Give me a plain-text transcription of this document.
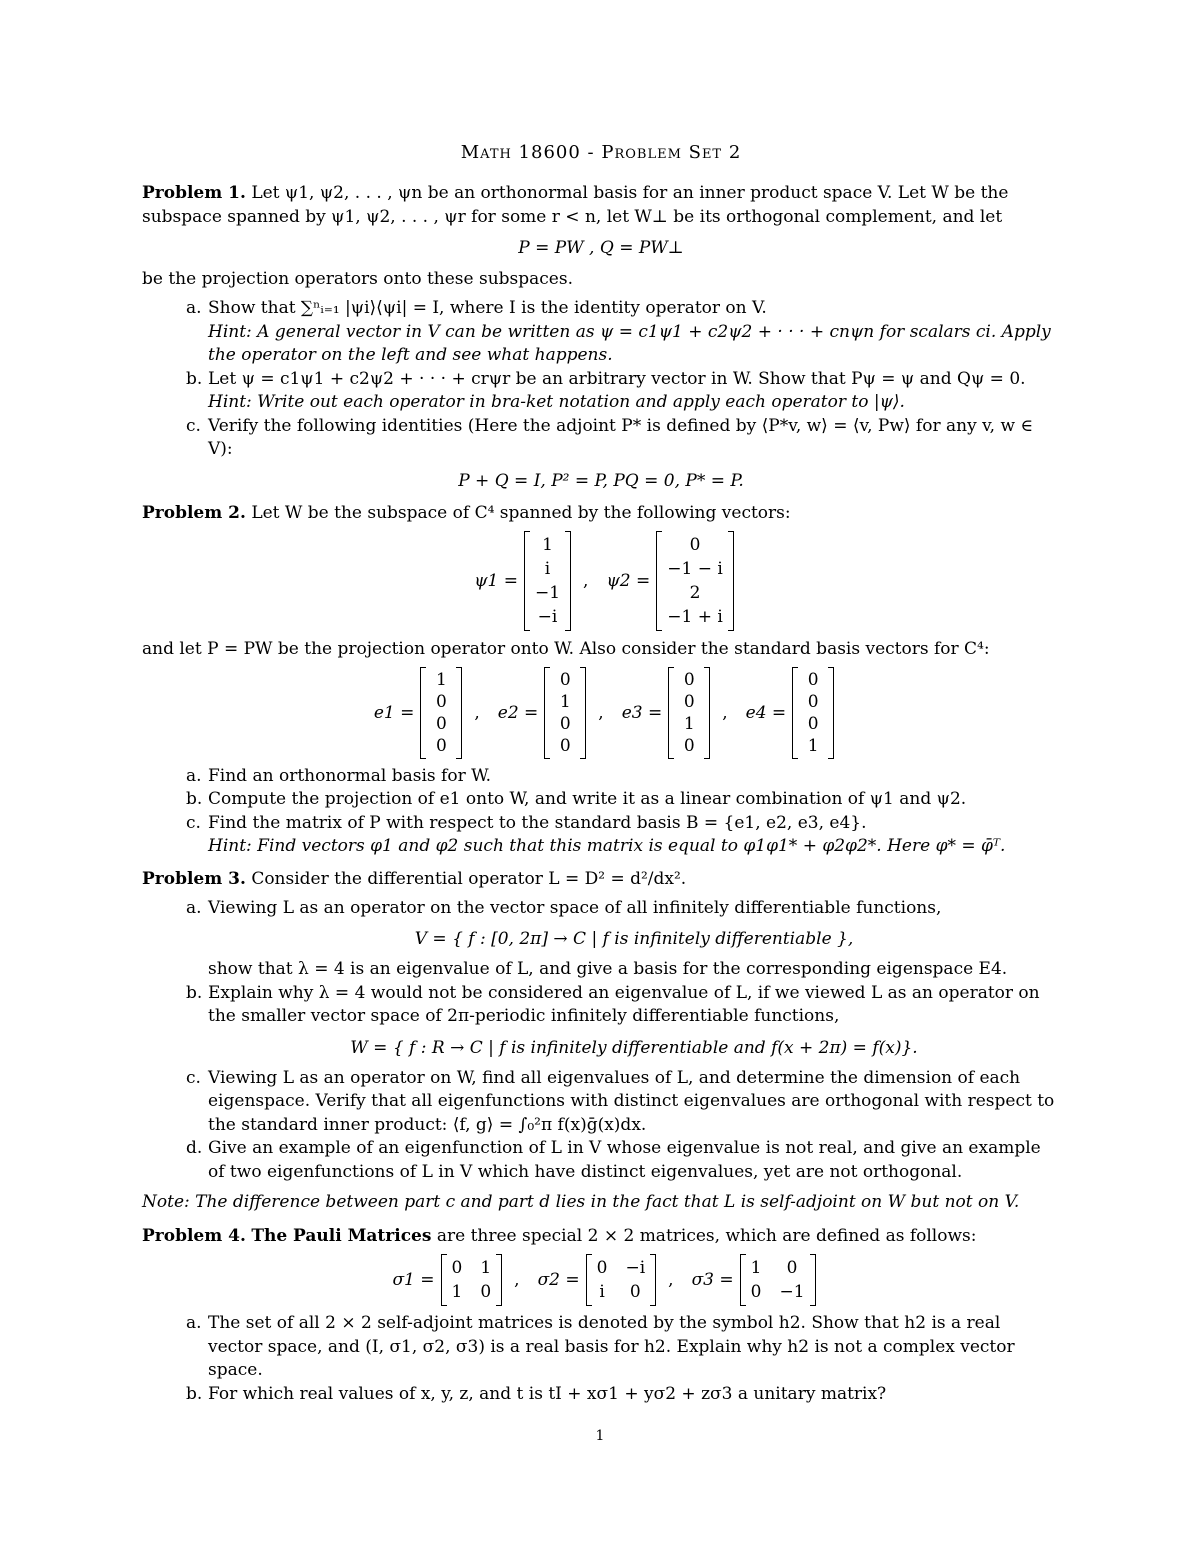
Math 18600 - Problem Set 2

Problem 1. Let ψ1, ψ2, . . . , ψn be an orthonormal basis for an inner product space V. Let W be the subspace spanned by ψ1, ψ2, . . . , ψr for some r < n, let W⊥ be its orthogonal complement, and let

P = PW , Q = PW⊥

be the projection operators onto these subspaces.

a. Show that ∑ⁿᵢ₌₁ |ψi⟩⟨ψi| = I, where I is the identity operator on V.
Hint: A general vector in V can be written as ψ = c1ψ1 + c2ψ2 + · · · + cnψn for scalars ci. Apply the operator on the left and see what happens.
b. Let ψ = c1ψ1 + c2ψ2 + · · · + crψr be an arbitrary vector in W. Show that Pψ = ψ and Qψ = 0.
Hint: Write out each operator in bra-ket notation and apply each operator to |ψ⟩.
c. Verify the following identities (Here the adjoint P* is defined by ⟨P*v, w⟩ = ⟨v, Pw⟩ for any v, w ∈ V):
P + Q = I, P² = P, PQ = 0, P* = P.

Problem 2. Let W be the subspace of C⁴ spanned by the following vectors:

ψ1 =
1
i
−1
−i
, ψ2 =
0
−1 − i
2
−1 + i

and let P = PW be the projection operator onto W. Also consider the standard basis vectors for C⁴:

e1 =
1
0
0
0
, e2 =
0
1
0
0
, e3 =
0
0
1
0
, e4 =
0
0
0
1
a. Find an orthonormal basis for W.
b. Compute the projection of e1 onto W, and write it as a linear combination of ψ1 and ψ2.
c. Find the matrix of P with respect to the standard basis B = {e1, e2, e3, e4}.
Hint: Find vectors φ1 and φ2 such that this matrix is equal to φ1φ1* + φ2φ2*. Here φ* = φ̄ᵀ.

Problem 3. Consider the differential operator L = D² = d²/dx².

a. Viewing L as an operator on the vector space of all infinitely differentiable functions,
V = { f : [0, 2π] → C | f is infinitely differentiable },
show that λ = 4 is an eigenvalue of L, and give a basis for the corresponding eigenspace E4.
b. Explain why λ = 4 would not be considered an eigenvalue of L, if we viewed L as an operator on the smaller vector space of 2π-periodic infinitely differentiable functions,
W = { f : R → C | f is infinitely differentiable and f(x + 2π) = f(x)}.
c. Viewing L as an operator on W, find all eigenvalues of L, and determine the dimension of each eigenspace. Verify that all eigenfunctions with distinct eigenvalues are orthogonal with respect to the standard inner product: ⟨f, g⟩ = ∫₀²π f(x)ḡ(x)dx.
d. Give an example of an eigenfunction of L in V whose eigenvalue is not real, and give an example of two eigenfunctions of L in V which have distinct eigenvalues, yet are not orthogonal.

Note: The difference between part c and part d lies in the fact that L is self-adjoint on W but not on V.

Problem 4. The Pauli Matrices are three special 2 × 2 matrices, which are defined as follows:

σ1 =
0 1
1 0
, σ2 =
0 −i
i 0
, σ3 =
1	0
0 −1
a. The set of all 2 × 2 self-adjoint matrices is denoted by the symbol h2. Show that h2 is a real vector space, and (I, σ1, σ2, σ3) is a real basis for h2. Explain why h2 is not a complex vector space.
b. For which real values of x, y, z, and t is tI + xσ1 + yσ2 + zσ3 a unitary matrix?
1
